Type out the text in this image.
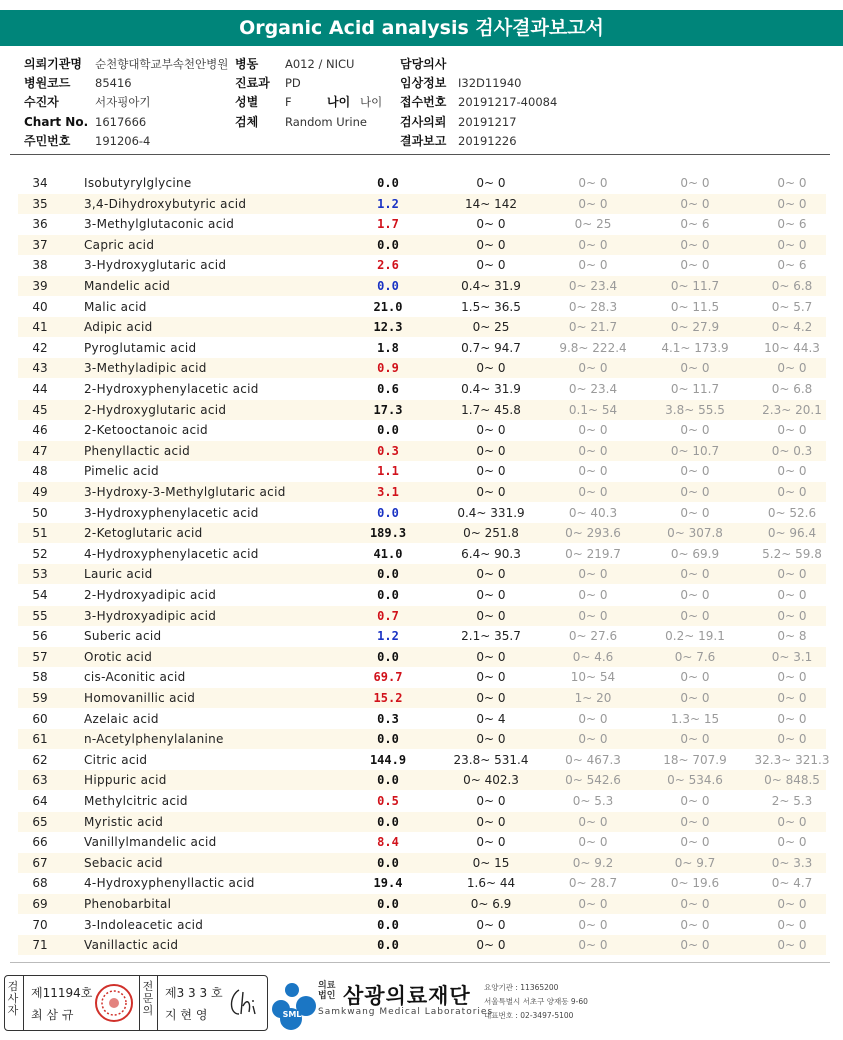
Organic Acid analysis 검사결과보고서
의뢰기관명 순천향대학교부속천안병원 병동 A012 / NICU	담당의사
병원코드 85416	진료과 PD	임상정보 I32D11940
수진자	서자핑아기	성별 F	나이 나이 접수번호 20191217-40084
Chart No. 1617666	검체 Random Urine	검사의뢰 20191217
주민번호 191206-4	결과보고 20191226
34	Isobutyrylglycine	0.0	0~ 0	0~ 0	0~ 0	0~ 0
35	3,4-Dihydroxybutyric acid	1.2	14~ 142	0~ 0	0~ 0	0~ 0
36	3-Methylglutaconic acid	1.7	0~ 0	0~ 25	0~ 6	0~ 6
37	Capric acid	0.0	0~ 0	0~ 0	0~ 0	0~ 0
38	3-Hydroxyglutaric acid	2.6	0~ 0	0~ 0	0~ 0	0~ 6
39	Mandelic acid	0.0	0.4~ 31.9	0~ 23.4	0~ 11.7	0~ 6.8
40	Malic acid	21.0	1.5~ 36.5	0~ 28.3	0~ 11.5	0~ 5.7
41	Adipic acid	12.3	0~ 25	0~ 21.7	0~ 27.9	0~ 4.2
42	Pyroglutamic acid	1.8	0.7~ 94.7	9.8~ 222.4	4.1~ 173.9	10~ 44.3
43	3-Methyladipic acid	0.9	0~ 0	0~ 0	0~ 0	0~ 0
44	2-Hydroxyphenylacetic acid	0.6	0.4~ 31.9	0~ 23.4	0~ 11.7	0~ 6.8
45	2-Hydroxyglutaric acid	17.3	1.7~ 45.8	0.1~ 54	3.8~ 55.5	2.3~ 20.1
46	2-Ketooctanoic acid	0.0	0~ 0	0~ 0	0~ 0	0~ 0
47	Phenyllactic acid	0.3	0~ 0	0~ 0	0~ 10.7	0~ 0.3
48	Pimelic acid	1.1	0~ 0	0~ 0	0~ 0	0~ 0
49	3-Hydroxy-3-Methylglutaric acid	3.1	0~ 0	0~ 0	0~ 0	0~ 0
50	3-Hydroxyphenylacetic acid	0.0	0.4~ 331.9	0~ 40.3	0~ 0	0~ 52.6
51	2-Ketoglutaric acid	189.3	0~ 251.8	0~ 293.6	0~ 307.8	0~ 96.4
52	4-Hydroxyphenylacetic acid	41.0	6.4~ 90.3	0~ 219.7	0~ 69.9	5.2~ 59.8
53	Lauric acid	0.0	0~ 0	0~ 0	0~ 0	0~ 0
54	2-Hydroxyadipic acid	0.0	0~ 0	0~ 0	0~ 0	0~ 0
55	3-Hydroxyadipic acid	0.7	0~ 0	0~ 0	0~ 0	0~ 0
56	Suberic acid	1.2	2.1~ 35.7	0~ 27.6	0.2~ 19.1	0~ 8
57	Orotic acid	0.0	0~ 0	0~ 4.6	0~ 7.6	0~ 3.1
58	cis-Aconitic acid	69.7	0~ 0	10~ 54	0~ 0	0~ 0
59	Homovanillic acid	15.2	0~ 0	1~ 20	0~ 0	0~ 0
60	Azelaic acid	0.3	0~ 4	0~ 0	1.3~ 15	0~ 0
61	n-Acetylphenylalanine	0.0	0~ 0	0~ 0	0~ 0	0~ 0
62	Citric acid	144.9	23.8~ 531.4	0~ 467.3	18~ 707.9	32.3~ 321.3
63	Hippuric acid	0.0	0~ 402.3	0~ 542.6	0~ 534.6	0~ 848.5
64	Methylcitric acid	0.5	0~ 0	0~ 5.3	0~ 0	2~ 5.3
65	Myristic acid	0.0	0~ 0	0~ 0	0~ 0	0~ 0
66	Vanillylmandelic acid	8.4	0~ 0	0~ 0	0~ 0	0~ 0
67	Sebacic acid	0.0	0~ 15	0~ 9.2	0~ 9.7	0~ 3.3
68	4-Hydroxyphenyllactic acid	19.4	1.6~ 44	0~ 28.7	0~ 19.6	0~ 4.7
69	Phenobarbital	0.0	0~ 6.9	0~ 0	0~ 0	0~ 0
70	3-Indoleacetic acid	0.0	0~ 0	0~ 0	0~ 0	0~ 0
71	Vanillactic acid	0.0	0~ 0	0~ 0	0~ 0	0~ 0
검사자
제11194호
최 삼 규
전문의
제3 3 3 호
지 현 영	SML
의료
법인 삼광의료재단
Samkwang Medical Laboratories
요양기관 : 11365200
서울특별시 서초구 양재동 9-60
대표번호 : 02-3497-5100
